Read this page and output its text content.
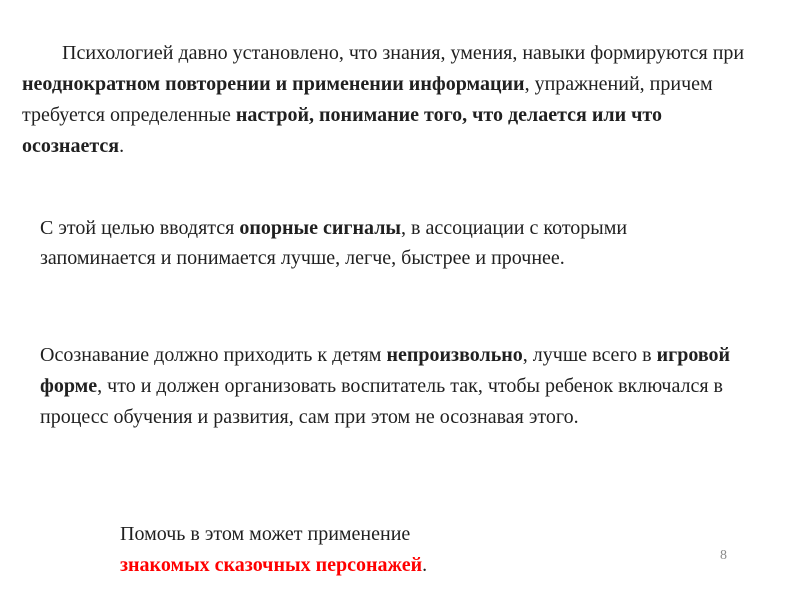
Психологией давно установлено, что знания, умения, навыки формируются при неоднократном повторении и применении информации, упражнений, причем требуется определенные настрой, понимание того, что делается или что осознается.

С этой целью вводятся опорные сигналы, в ассоциации с которыми запоминается и понимается лучше, легче, быстрее и прочнее.

Осознавание должно приходить к детям непроизвольно, лучше всего в игровой форме, что и должен организовать воспитатель так, чтобы ребенок включался в процесс обучения и развития, сам при этом не осознавая этого.

Помочь в этом может применение
знакомых сказочных персонажей.	8
